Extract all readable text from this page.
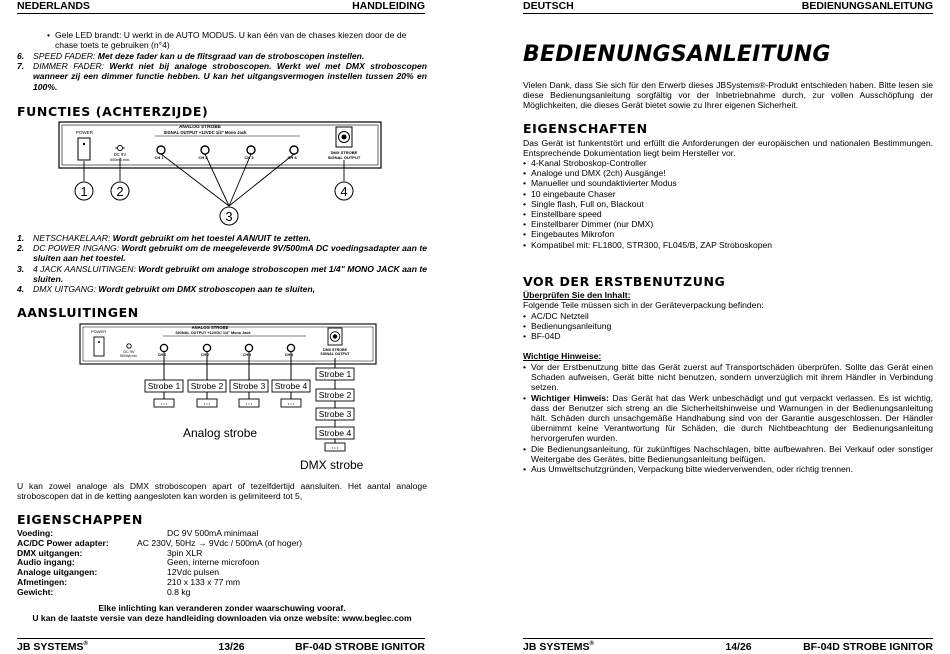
NEDERLANDS	HANDLEIDING
• Gele LED brandt: U werkt in de AUTO MODUS. U kan één van de chases kiezen door de de chase toets te gebruiken (n°4)
6. SPEED FADER: Met deze fader kan u de flitsgraad van de stroboscopen instellen.
7. DIMMER FADER: Werkt niet bij analoge stroboscopen. Werkt wel met DMX stroboscopen wanneer zij een dimmer functie hebben. U kan het uitgangsvermogen instellen tussen 20% en 100%.
FUNCTIES (ACHTERZIJDE)
POWER
ANALOG STROBE
SIGNAL OUTPUT +12VDC 1/4" Mono Jack
DC 9V
500mA min.	CH 1	CH 2	CH 3	CH 4
DMX STROBE
SIGNAL OUTPUT
1 2
3
4
1. NETSCHAKELAAR: Wordt gebruikt om het toestel AAN/UIT te zetten.
2. DC POWER INGANG: Wordt gebruikt om de meegeleverde 9V/500mA DC voedingsadapter aan te sluiten aan het toestel.
3. 4 JACK AANSLUITINGEN: Wordt gebruikt om analoge stroboscopen met 1/4" MONO JACK aan te sluiten.
4. DMX UITGANG: Wordt gebruikt om DMX stroboscopen aan te sluiten,
AANSLUITINGEN
POWER
ANALOG STROBE
SIGNAL OUTPUT +12VDC 1/4" Mono Jack
DC 9V
500mA min.	CH 1	CH 2	CH 3	CH 4
DMX STROBE
SIGNAL OUTPUT
Strobe 1 Strobe 2 Strobe 3 Strobe 4
• • •	• • •	• • •	• • •
Strobe 1
Strobe 2
Strobe 3
Strobe 4
• • •
Analog strobe
DMX strobe
U kan zowel analoge als DMX stroboscopen apart of tezelfdertijd aansluiten. Het aantal analoge stroboscopen dat in de ketting aangesloten kan worden is gelimiteerd tot 5,
EIGENSCHAPPEN
Voeding:	DC 9V 500mA minimaal
AC/DC Power adapter:	AC 230V, 50Hz → 9Vdc / 500mA (of hoger)
DMX uitgangen:	3pin XLR
Audio ingang:	Geen, interne microfoon
Analoge uitgangen:	12Vdc pulsen
Afmetingen:	210 x 133 x 77 mm
Gewicht:	0.8 kg
Elke inlichting kan veranderen zonder waarschuwing vooraf.
U kan de laatste versie van deze handleiding downloaden via onze website: www.beglec.com
JB SYSTEMS®	13/26	BF-04D STROBE IGNITOR
DEUTSCH	BEDIENUNGSANLEITUNG
BEDIENUNGSANLEITUNG
Vielen Dank, dass Sie sich für den Erwerb dieses JBSystems®-Produkt entschieden haben. Bitte lesen sie diese Bedienungsanleitung sorgfältig vor der Inbetriebnahme durch, zur vollen Ausschöpfung der Möglichkeiten, die dieses Gerät bietet sowie zu Ihrer eigenen Sicherheit.
EIGENSCHAFTEN
Das Gerät ist funkentstört und erfüllt die Anforderungen der europäischen und nationalen Bestimmungen. Entsprechende Dokumentation liegt beim Hersteller vor.
• 4-Kanal Stroboskop-Controller
• Analoge und DMX (2ch) Ausgänge!
• Manueller und soundaktivierter Modus
• 10 eingebaute Chaser
• Single flash, Full on, Blackout
• Einstellbare speed
• Einstellbarer Dimmer (nur DMX)
• Eingebautes Mikrofon
• Kompatibel mit: FL1800, STR300, FL045/B, ZAP Stroboskopen
VOR DER ERSTBENUTZUNG
Überprüfen Sie den Inhalt:
Folgende Teile müssen sich in der Geräteverpackung befinden:
• AC/DC Netzteil
• Bedienungsanleitung
• BF-04D
Wichtige Hinweise:
• Vor der Erstbenutzung bitte das Gerät zuerst auf Transportschäden überprüfen. Sollte das Gerät einen Schaden aufweisen, Gerät bitte nicht benutzen, sondern unverzüglich mit ihrem Händler in Verbindung setzen.
• Wichtiger Hinweis: Das Gerät hat das Werk unbeschädigt und gut verpackt verlassen. Es ist wichtig, dass der Benutzer sich streng an die Sicherheitshinweise und Warnungen in der Bedienungsanleitung hält. Schäden durch unsachgemäße Handhabung sind von der Garantie ausgeschlossen. Der Händler übernimmt keine Verantwortung für Schäden, die durch Nichtbeachtung der Bedienungsanleitung hervorgerufen wurden.
• Die Bedienungsanleitung, für zukünftiges Nachschlagen, bitte aufbewahren. Bei Verkauf oder sonstiger Weitergabe des Gerätes, bitte Bedienungsanleitung beifügen.
• Aus Umweltschutzgründen, Verpackung bitte wiederverwenden, oder richtig trennen.
JB SYSTEMS®	14/26	BF-04D STROBE IGNITOR
